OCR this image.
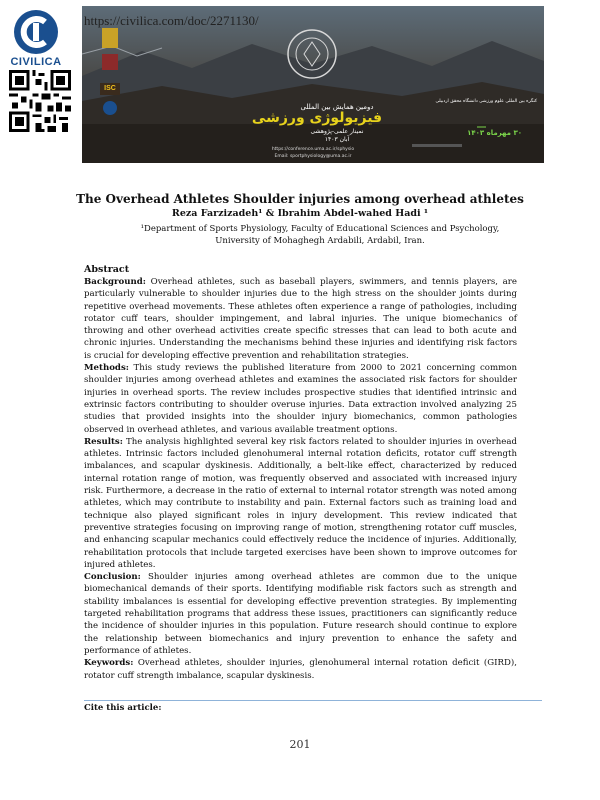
CIVILICA
ISC
دومین همایش بین المللی
فیزیولوژی ورزشی
نمینار علمی-پژوهشی
آبان ۱۴۰۳
کنگره بین المللی علوم ورزشی دانشگاه محقق اردبیلی
۳۰ مهرماه ۱۴۰۳
https://conference.uma.ac.ir/sphysio
Email: sportphysiology@uma.ac.ir
https://civilica.com/doc/2271130/
The Overhead Athletes Shoulder injuries among overhead athletes
Reza Farzizadeh¹ & Ibrahim Abdel-wahed Hadi ¹
¹Department of Sports Physiology, Faculty of Educational Sciences and Psychology, University of Mohaghegh Ardabili, Ardabil, Iran.
Abstract

Background: Overhead athletes, such as baseball players, swimmers, and tennis players, are particularly vulnerable to shoulder injuries due to the high stress on the shoulder joints during repetitive overhead movements. These athletes often experience a range of pathologies, including rotator cuff tears, shoulder impingement, and labral injuries. The unique biomechanics of throwing and other overhead activities create specific stresses that can lead to both acute and chronic injuries. Understanding the mechanisms behind these injuries and identifying risk factors is crucial for developing effective prevention and rehabilitation strategies.

Methods: This study reviews the published literature from 2000 to 2021 concerning common shoulder injuries among overhead athletes and examines the associated risk factors for shoulder injuries in overhead sports. The review includes prospective studies that identified intrinsic and extrinsic factors contributing to shoulder overuse injuries. Data extraction involved analyzing 25 studies that provided insights into the shoulder injury biomechanics, common pathologies observed in overhead athletes, and various available treatment options.

Results: The analysis highlighted several key risk factors related to shoulder injuries in overhead athletes. Intrinsic factors included glenohumeral internal rotation deficits, rotator cuff strength imbalances, and scapular dyskinesis. Additionally, a belt-like effect, characterized by reduced internal rotation range of motion, was frequently observed and associated with increased injury risk. Furthermore, a decrease in the ratio of external to internal rotator strength was noted among athletes, which may contribute to instability and pain. External factors such as training load and technique also played significant roles in injury development. This review indicated that preventive strategies focusing on improving range of motion, strengthening rotator cuff muscles, and enhancing scapular mechanics could effectively reduce the incidence of injuries. Additionally, rehabilitation protocols that include targeted exercises have been shown to improve outcomes for injured athletes.

Conclusion: Shoulder injuries among overhead athletes are common due to the unique biomechanical demands of their sports. Identifying modifiable risk factors such as strength and stability imbalances is essential for developing effective prevention strategies. By implementing targeted rehabilitation programs that address these issues, practitioners can significantly reduce the incidence of shoulder injuries in this population. Future research should continue to explore the relationship between biomechanics and injury prevention to enhance the safety and performance of athletes.

Keywords: Overhead athletes, shoulder injuries, glenohumeral internal rotation deficit (GIRD), rotator cuff strength imbalance, scapular dyskinesis.

Cite this article:
201
